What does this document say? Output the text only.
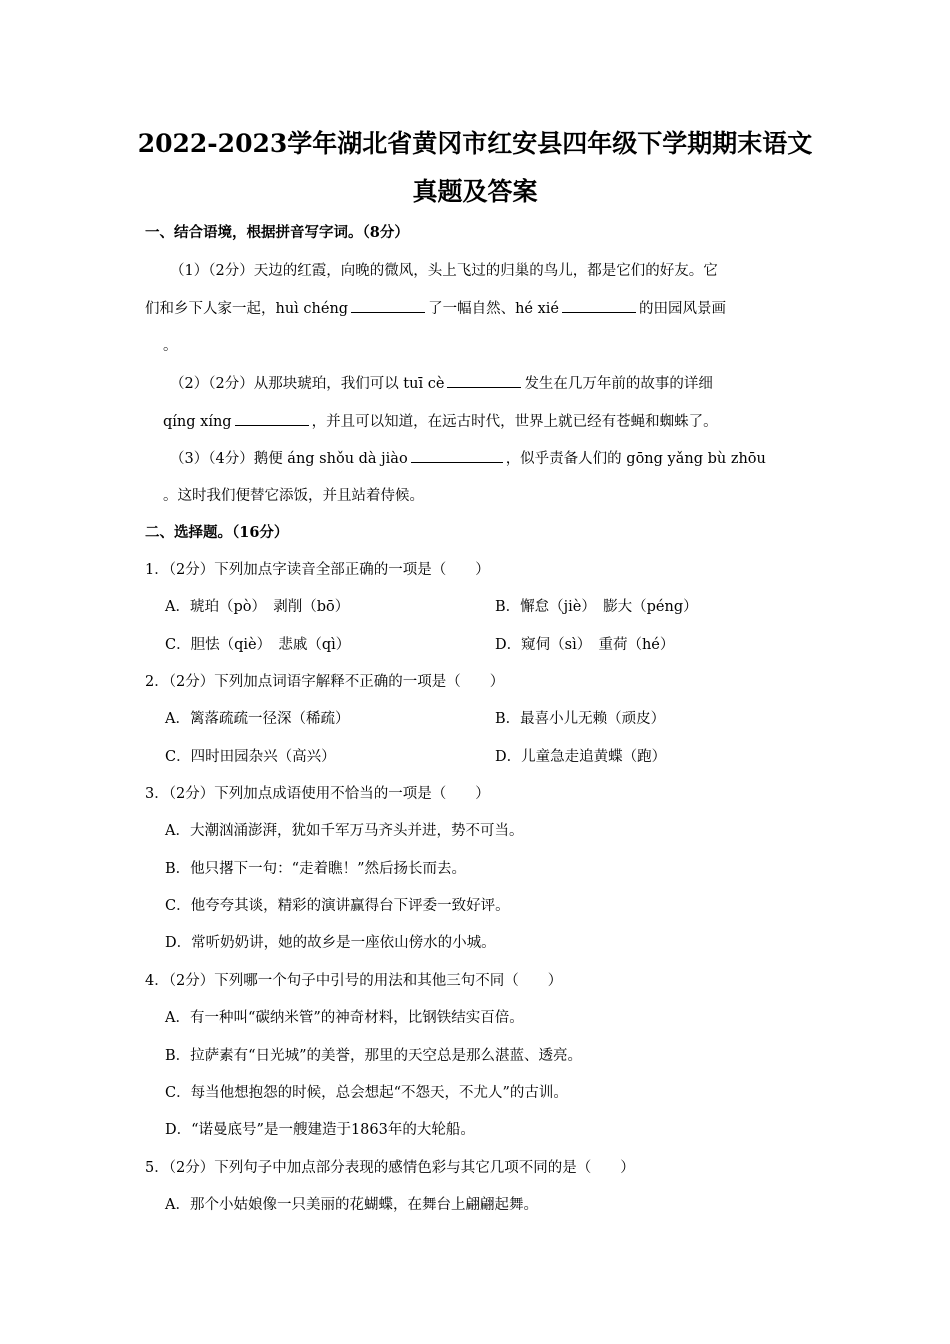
2022-2023学年湖北省黄冈市红安县四年级下学期期末语文
真题及答案
一、结合语境，根据拼音写字词。（8分）
（1）（2分）天边的红霞，向晚的微风，头上飞过的归巢的鸟儿，都是它们的好友。它
们和乡下人家一起，huì chéng	了一幅自然、hé xié	的田园风景画
。
（2）（2分）从那块琥珀，我们可以 tuī cè	发生在几万年前的故事的详细
qíng xíng	，并且可以知道，在远古时代，世界上就已经有苍蝇和蜘蛛了。
（3）（4分）鹅便 áng shǒu dà jiào	，似乎责备人们的 gōng yǎng bù zhōu
。这时我们便替它添饭，并且站着侍候。
二、选择题。（16分）
1．（2分）下列加点字读音全部正确的一项是（　　）
A．琥珀（pò）　剥削（bō）	B．懈怠（jiè）　膨大（péng）
C．胆怯（qiè）　悲戚（qì）	D．窥伺（sì）　重荷（hé）
2．（2分）下列加点词语字解释不正确的一项是（　　）
A．篱落疏疏一径深（稀疏）	B．最喜小儿无赖（顽皮）
C．四时田园杂兴（高兴）	D．儿童急走追黄蝶（跑）
3．（2分）下列加点成语使用不恰当的一项是（　　）
A．大潮汹涌澎湃，犹如千军万马齐头并进，势不可当。
B．他只撂下一句：“走着瞧！”然后扬长而去。
C．他夸夸其谈，精彩的演讲赢得台下评委一致好评。
D．常听奶奶讲，她的故乡是一座依山傍水的小城。
4．（2分）下列哪一个句子中引号的用法和其他三句不同（　　）
A．有一种叫“碳纳米管”的神奇材料，比钢铁结实百倍。
B．拉萨素有“日光城”的美誉，那里的天空总是那么湛蓝、透亮。
C．每当他想抱怨的时候，总会想起“不怨天，不尤人”的古训。
D．“诺曼底号”是一艘建造于1863年的大轮船。
5．（2分）下列句子中加点部分表现的感情色彩与其它几项不同的是（　　）
A．那个小姑娘像一只美丽的花蝴蝶，在舞台上翩翩起舞。
